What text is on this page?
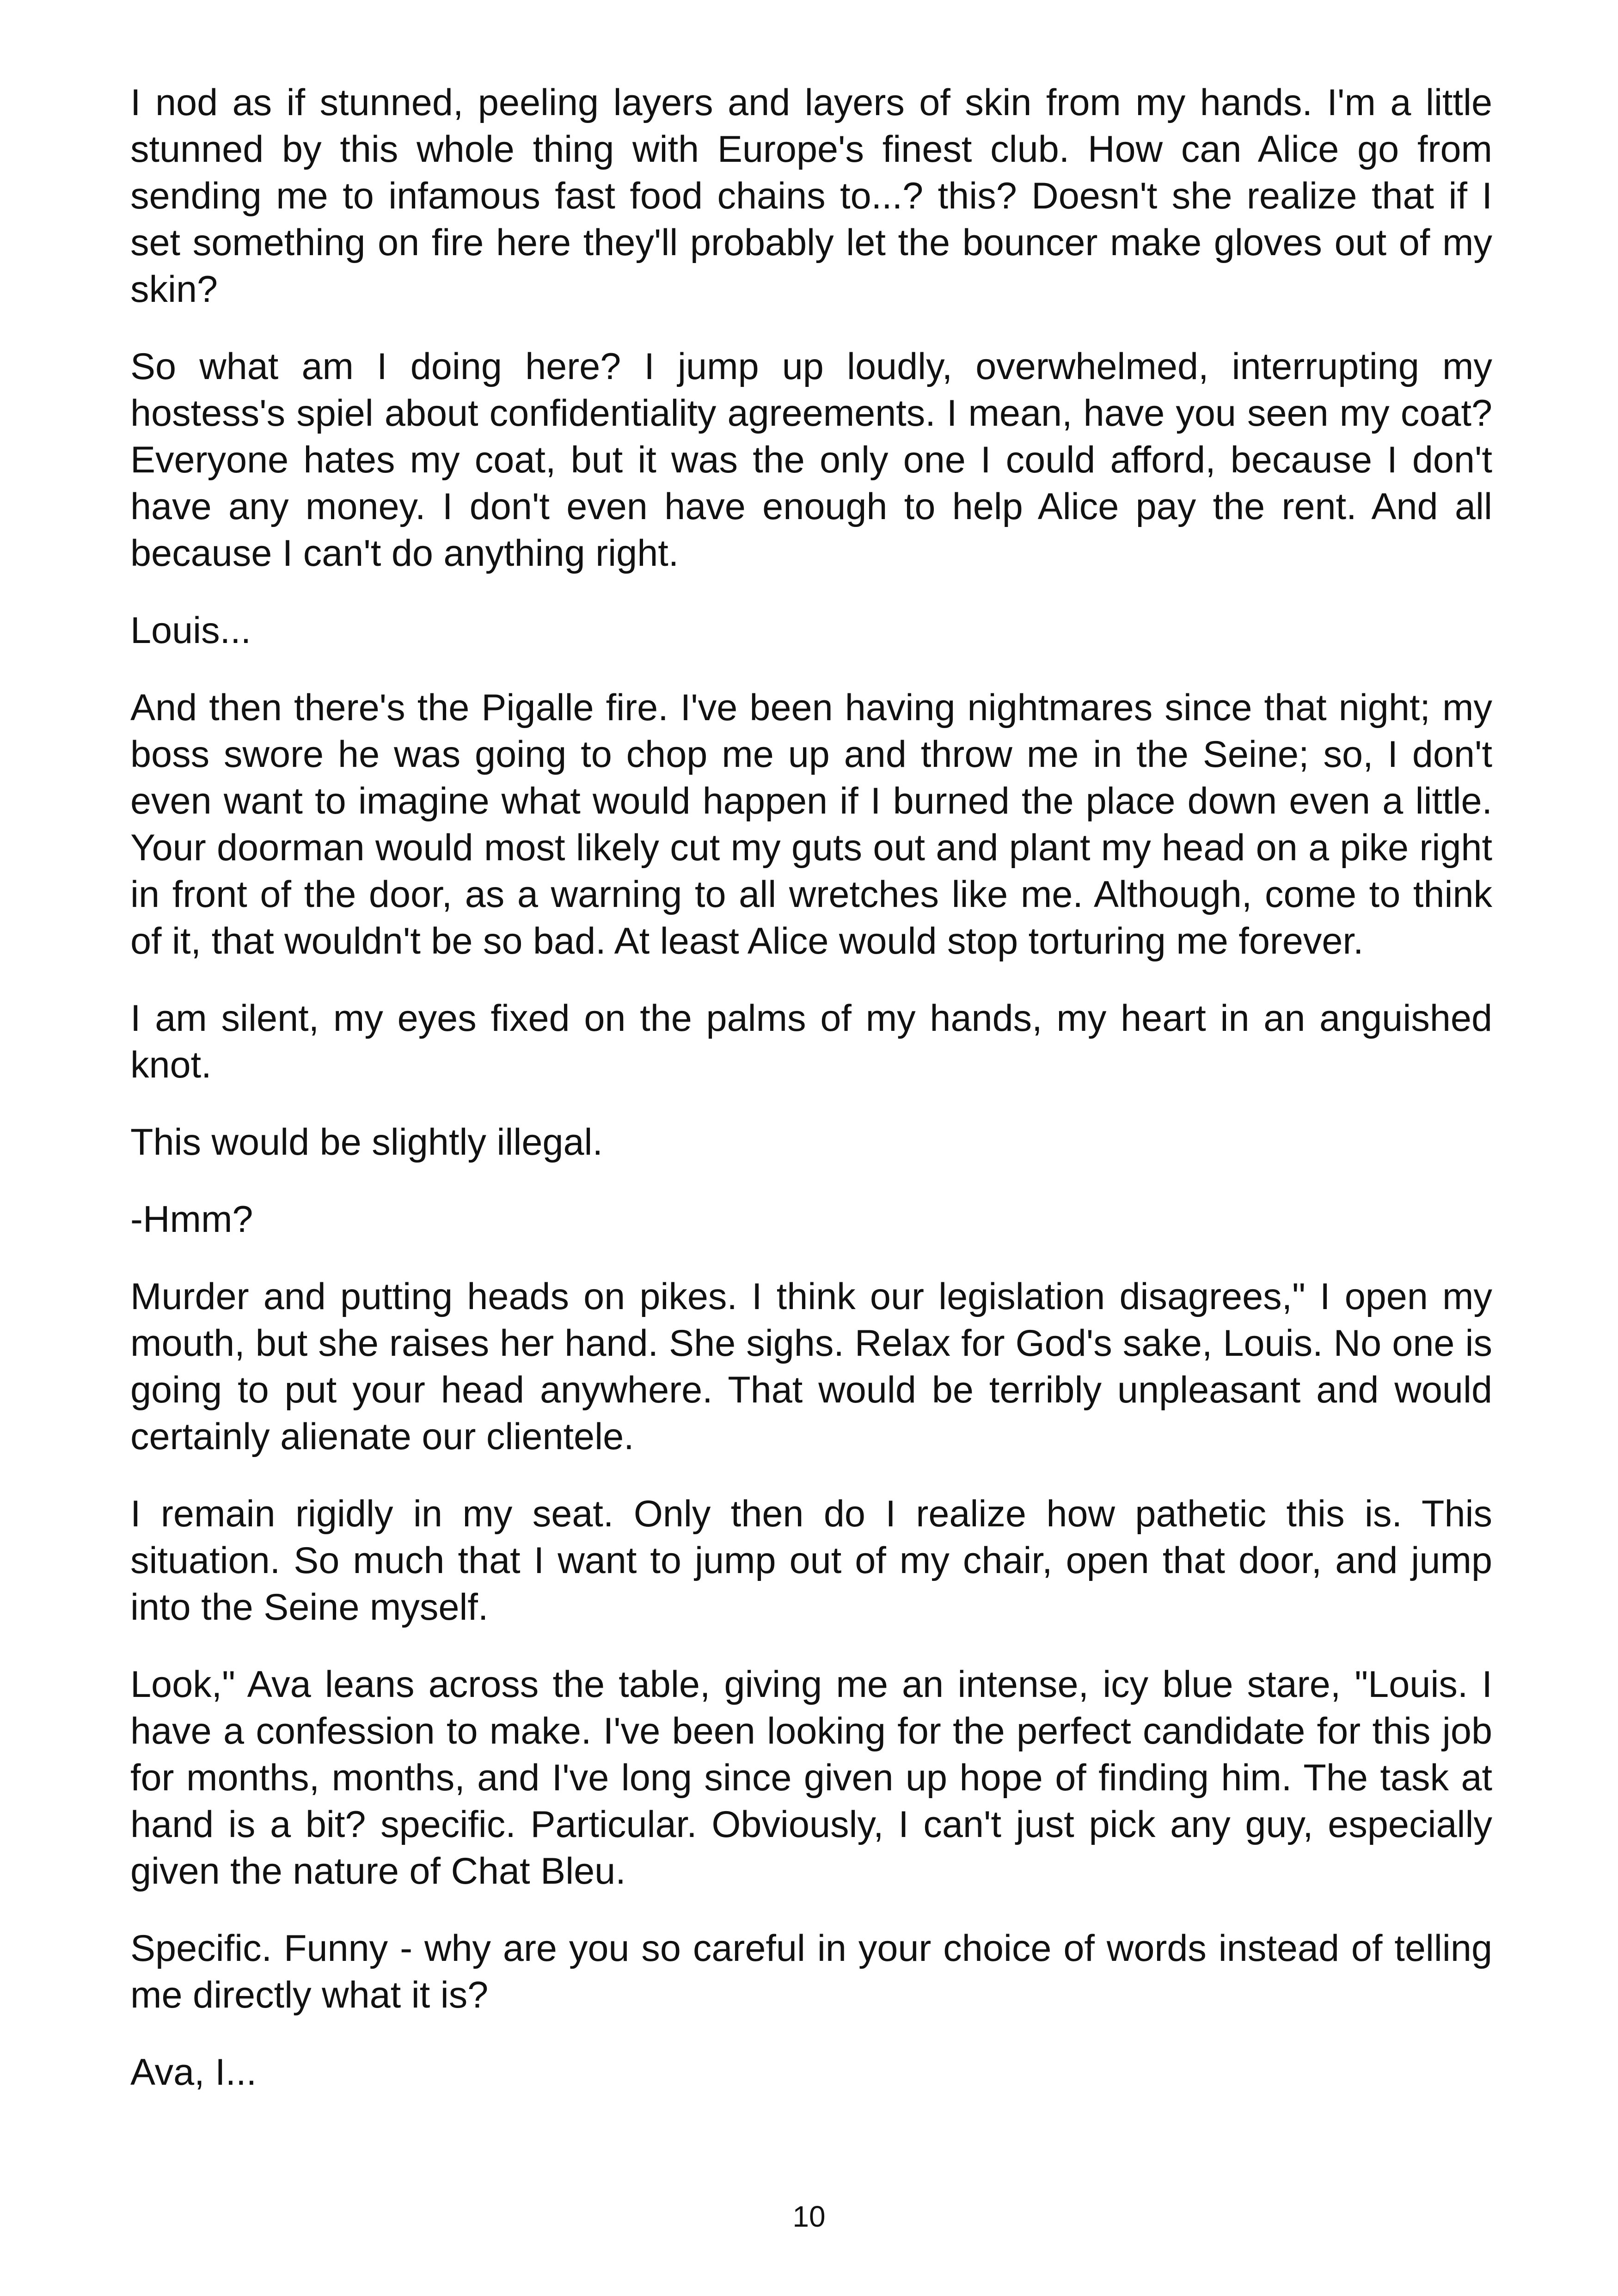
I nod as if stunned, peeling layers and layers of skin from my hands. I'm a little stunned by this whole thing with Europe's finest club. How can Alice go from sending me to infamous fast food chains to...? this? Doesn't she realize that if I set something on fire here they'll probably let the bouncer make gloves out of my skin?

So what am I doing here? I jump up loudly, overwhelmed, interrupting my hostess's spiel about confidentiality agreements. I mean, have you seen my coat? Everyone hates my coat, but it was the only one I could afford, because I don't have any money. I don't even have enough to help Alice pay the rent. And all because I can't do anything right.

Louis...

And then there's the Pigalle fire. I've been having nightmares since that night; my boss swore he was going to chop me up and throw me in the Seine; so, I don't even want to imagine what would happen if I burned the place down even a little. Your doorman would most likely cut my guts out and plant my head on a pike right in front of the door, as a warning to all wretches like me. Although, come to think of it, that wouldn't be so bad. At least Alice would stop torturing me forever.

I am silent, my eyes fixed on the palms of my hands, my heart in an anguished knot.

This would be slightly illegal.

-Hmm?

Murder and putting heads on pikes. I think our legislation disagrees," I open my mouth, but she raises her hand. She sighs. Relax for God's sake, Louis. No one is going to put your head anywhere. That would be terribly unpleasant and would certainly alienate our clientele.

I remain rigidly in my seat. Only then do I realize how pathetic this is. This situation. So much that I want to jump out of my chair, open that door, and jump into the Seine myself.

Look," Ava leans across the table, giving me an intense, icy blue stare, "Louis. I have a confession to make. I've been looking for the perfect candidate for this job for months, months, and I've long since given up hope of finding him. The task at hand is a bit? specific. Particular. Obviously, I can't just pick any guy, especially given the nature of Chat Bleu.

Specific. Funny - why are you so careful in your choice of words instead of telling me directly what it is?

Ava, I...

10
